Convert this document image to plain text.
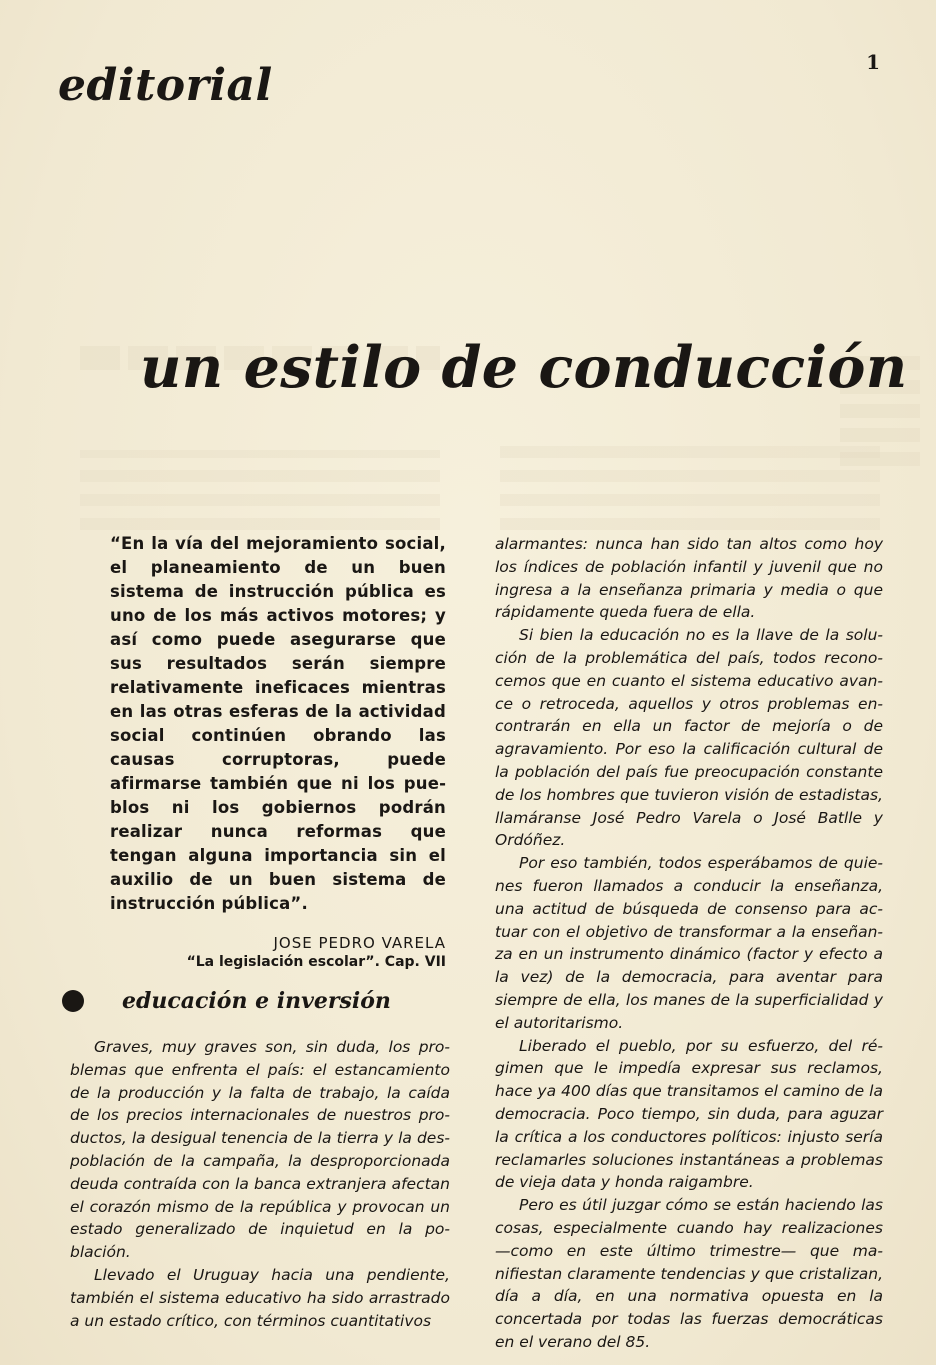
editorial	1
un estilo de conducción
“En la vía del mejoramiento social, el planeamiento de un buen sistema de instrucción pública es uno de los más activos motores; y así como puede asegurarse que sus resultados serán siempre relativamente ineficaces mientras en las otras esferas de la actividad social continúen obrando las causas corruptoras, puede afirmarse también que ni los pueblos ni los gobiernos podrán realizar nunca reformas que tengan alguna importancia sin el auxilio de un buen sistema de instrucción pública”.
JOSE PEDRO VARELA
“La legislación escolar”. Cap. VII
educación e inversión

Graves, muy graves son, sin duda, los problemas que enfrenta el país: el estancamiento de la producción y la falta de trabajo, la caída de los precios internacionales de nuestros productos, la desigual tenencia de la tierra y la despoblación de la campaña, la desproporcionada deuda contraída con la banca extranjera afectan el corazón mismo de la república y provocan un estado generalizado de inquietud en la población.

Llevado el Uruguay hacia una pendiente, también el sistema educativo ha sido arrastrado a un estado crítico, con términos cuantitativos

alarmantes: nunca han sido tan altos como hoy los índices de población infantil y juvenil que no ingresa a la enseñanza primaria y media o que rápidamente queda fuera de ella.

Si bien la educación no es la llave de la solución de la problemática del país, todos reconocemos que en cuanto el sistema educativo avance o retroceda, aquellos y otros problemas encontrarán en ella un factor de mejoría o de agravamiento. Por eso la calificación cultural de la población del país fue preocupación constante de los hombres que tuvieron visión de estadistas, llamáranse José Pedro Varela o José Batlle y Ordóñez.

Por eso también, todos esperábamos de quienes fueron llamados a conducir la enseñanza, una actitud de búsqueda de consenso para actuar con el objetivo de transformar a la enseñanza en un instrumento dinámico (factor y efecto a la vez) de la democracia, para aventar para siempre de ella, los manes de la superficialidad y el autoritarismo.

Liberado el pueblo, por su esfuerzo, del régimen que le impedía expresar sus reclamos, hace ya 400 días que transitamos el camino de la democracia. Poco tiempo, sin duda, para aguzar la crítica a los conductores políticos: injusto sería reclamarles soluciones instantáneas a problemas de vieja data y honda raigambre.

Pero es útil juzgar cómo se están haciendo las cosas, especialmente cuando hay realizaciones —como en este último trimestre— que manifiestan claramente tendencias y que cristalizan, día a día, en una normativa opuesta en la concertada por todas las fuerzas democráticas en el verano del 85.
